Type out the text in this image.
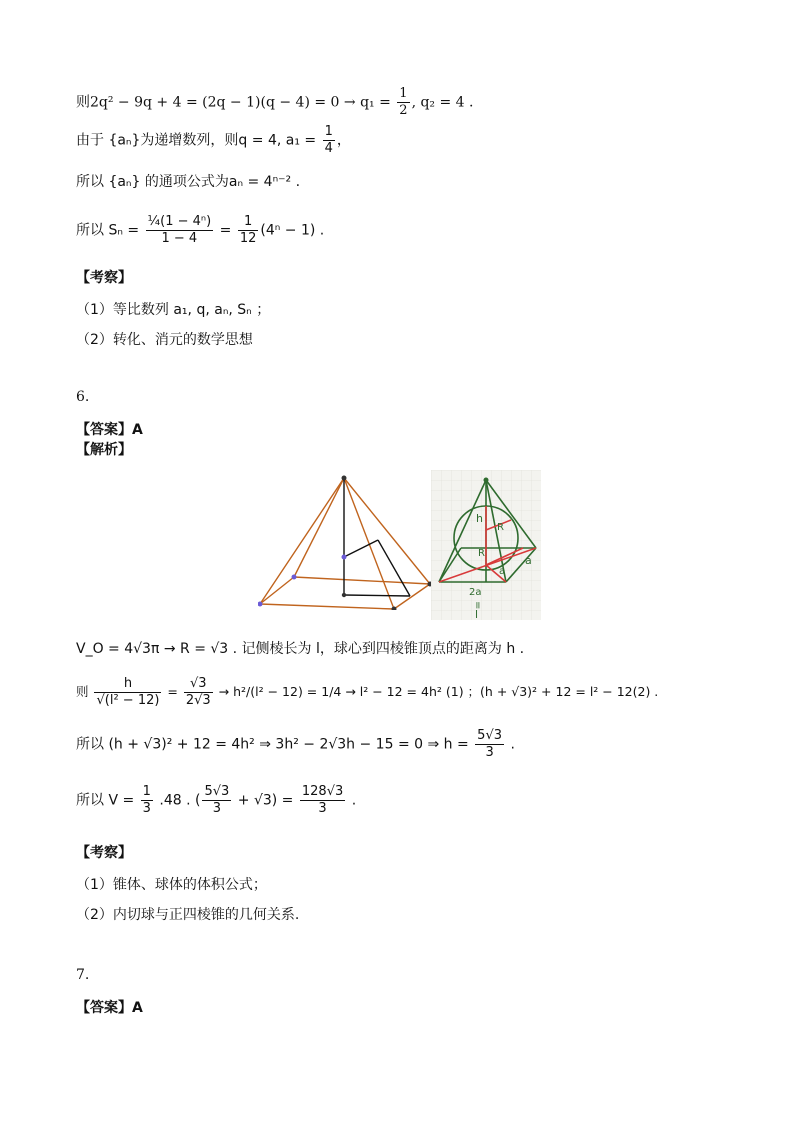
则$2q^2 - 9q + 4 = (2q - 1)(q - 4) = 0 \to q_1 = \frac{1}{2}$ , q₂ = 4 .
由于 {aₙ}为递增数列，则q = 4, $a_1 = \frac{1}{4}$ ，
所以 {aₙ} 的通项公式为aₙ = 4ⁿ⁻² .
所以 $S_n = \frac{\text{¼(1 − 4ⁿ)}}{1 - 4} = \frac{1}{12} (4^n - 1)$ .
【考察】
（1）等比数列 a₁, q, aₙ, Sₙ ；
（2）转化、消元的数学思想
6.
【答案】A
【解析】
h
R
R
a
a
2a
=
l
V_O = 4√3π → R = √3 . 记侧棱长为 l，球心到四棱锥顶点的距离为 h .
则 $\frac{h}{\text{√(l² − 12)}} = \frac{√3}{2√3} \to h^2/(l^2 - 12) = 1/4 \to l^2 - 12 = 4h^2$ (1) ；(h + √3)² + 12 = l² − 12(2) .
所以 (h + √3)² + 12 = 4h² ⇒ 3h² − 2√3h − 15 = 0 ⇒ $h = \frac{5√3}{3}$ .
所以 $V = \frac{1}{3} .48$ . ( $\frac{5√3}{3} + √3) = \frac{128√3}{3}$ .
【考察】
（1）锥体、球体的体积公式；
（2）内切球与正四棱锥的几何关系.
7.
【答案】A
